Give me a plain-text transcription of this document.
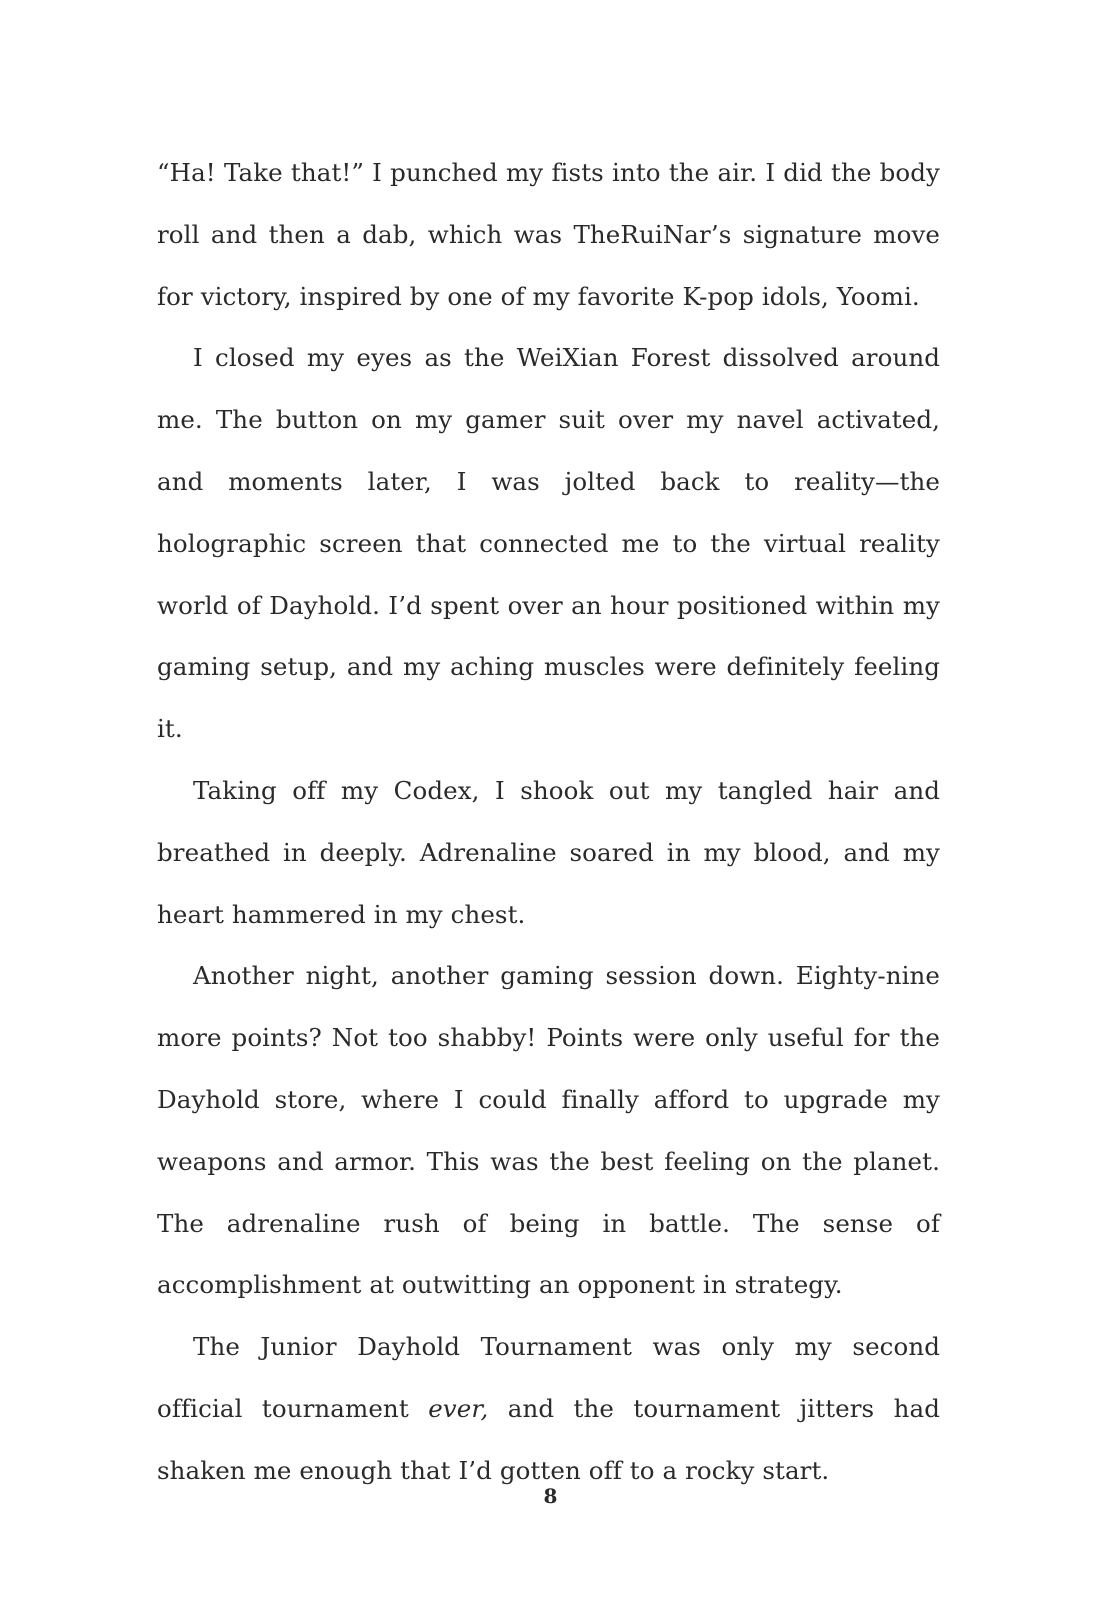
“Ha! Take that!” I punched my fists into the air. I did the body roll and then a dab, which was TheRuiNar’s signature move for victory, inspired by one of my favorite K-pop idols, Yoomi.

I closed my eyes as the WeiXian Forest dissolved around me. The button on my gamer suit over my navel activated, and moments later, I was jolted back to reality—the holographic screen that connected me to the virtual reality world of Dayhold. I’d spent over an hour positioned within my gaming setup, and my aching muscles were definitely feeling it.

Taking off my Codex, I shook out my tangled hair and breathed in deeply. Adrenaline soared in my blood, and my heart hammered in my chest.

Another night, another gaming session down. Eighty-nine more points? Not too shabby! Points were only useful for the Dayhold store, where I could finally afford to upgrade my weapons and armor. This was the best feeling on the planet. The adrenaline rush of being in battle. The sense of accomplishment at outwitting an opponent in strategy.

The Junior Dayhold Tournament was only my second official tournament ever, and the tournament jitters had shaken me enough that I’d gotten off to a rocky start.

8
